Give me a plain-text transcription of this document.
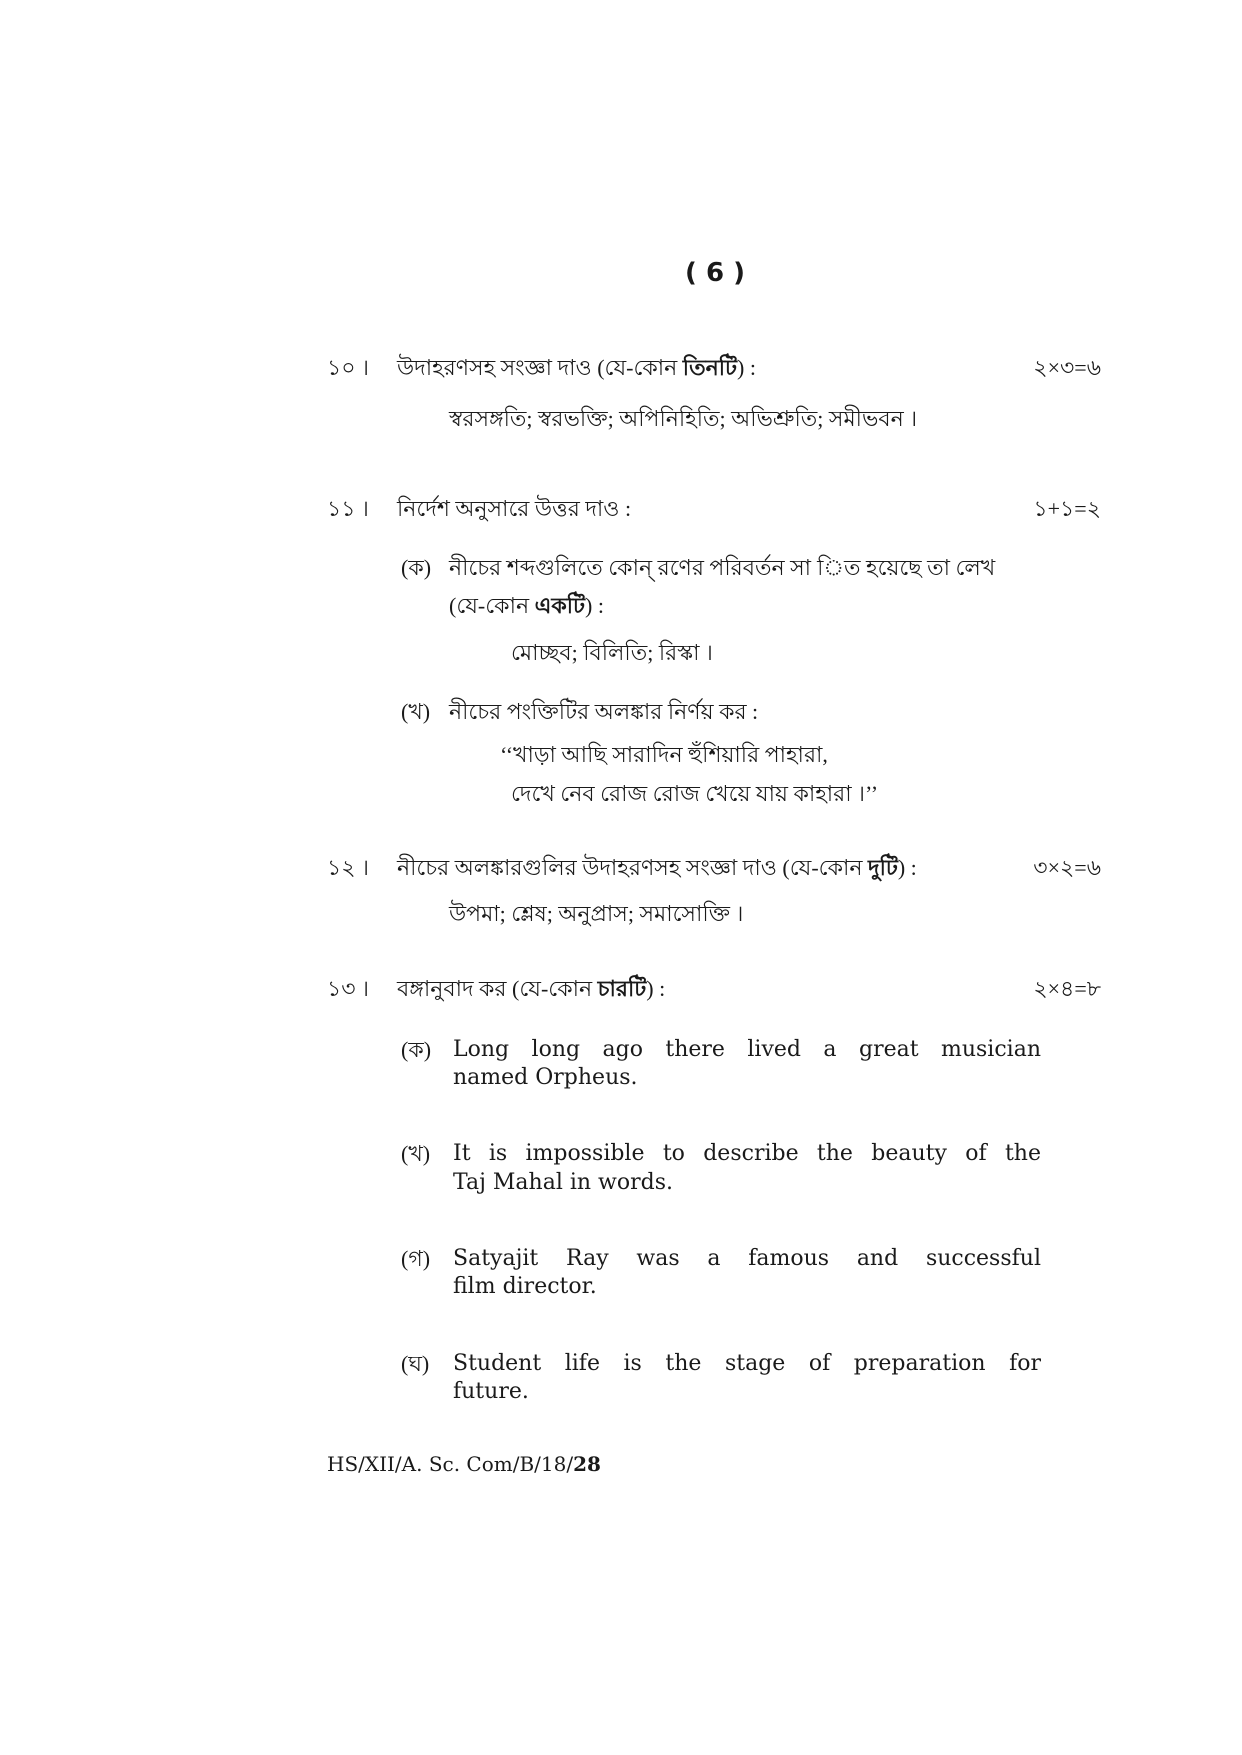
( 6 )
১০ । উদাহরণসহ সংজ্ঞা দাও (যে-কোন তিনটি) :	২×৩=৬
স্বরসঙ্গতি; স্বরভক্তি; অপিনিহিতি; অভিশ্রুতি; সমীভবন ।
১১ । নির্দেশ অনুসারে উত্তর দাও :	১+১=২
(ক) নীচের শব্দগুলিতে কোন্ রণের পরিবর্তন সা িত হয়েছে তা লেখ
(যে-কোন একটি) :
মোচ্ছব; বিলিতি; রিস্কা ।
(খ) নীচের পংক্তিটির অলঙ্কার নির্ণয় কর :
‘‘খাড়া আছি সারাদিন হুঁশিয়ারি পাহারা,
দেখে নেব রোজ রোজ খেয়ে যায় কাহারা ।’’
১২ । নীচের অলঙ্কারগুলির উদাহরণসহ সংজ্ঞা দাও (যে-কোন দুটি) :	৩×২=৬
উপমা; শ্লেষ; অনুপ্রাস; সমাসোক্তি ।
১৩ । বঙ্গানুবাদ কর (যে-কোন চারটি) :	২×৪=৮
(ক) Long long ago there lived a great musician
named Orpheus.
(খ) It is impossible to describe the beauty of the
Taj Mahal in words.
(গ) Satyajit Ray was a famous and successful
film director.
(ঘ) Student life is the stage of preparation for
future.
HS/XII/A. Sc. Com/B/18/28
